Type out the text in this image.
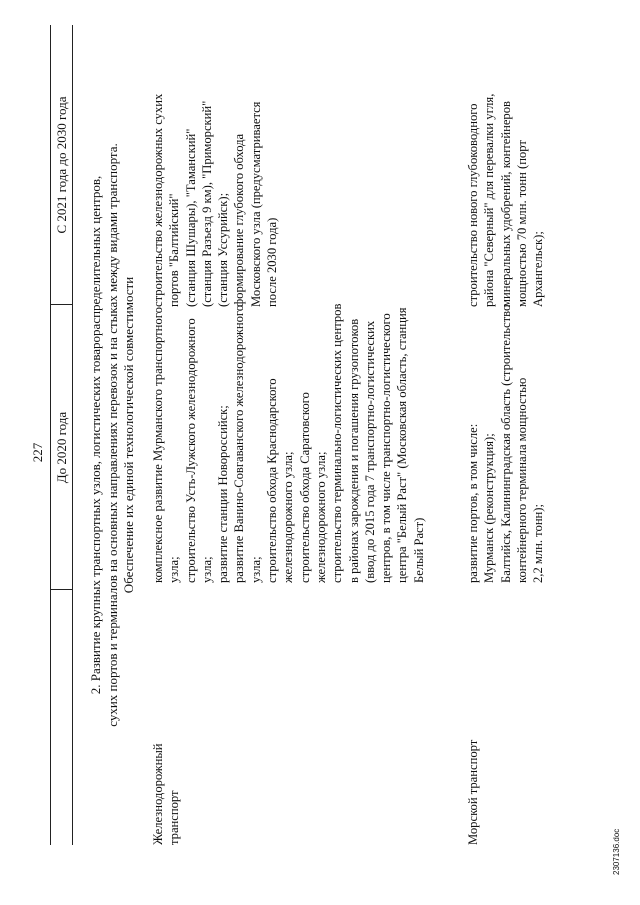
227 До 2020 года
С 2021 года до 2030 года
2. Развитие крупных транспортных узлов, логистических товарораспределительных центров, сухих портов и терминалов на основных направлениях перевозок и на стыках между видами транспорта. Обеспечение их единой технологической совместимости
Железнодорожный транспорт
комплексное развитие Мурманского транспортного узла; строительство Усть-Лужского железнодорожного узла; развитие станции Новороссийск; развитие Ванино-Совгаванского железнодорожного узла; строительство обхода Краснодарского железнодорожного узла; строительство обхода Саратовского железнодорожного узла; строительство терминально-логистических центров в районах зарождения и погашения грузопотоков (ввод до 2015 года 7 транспортно-логистических центров, в том числе транспортно-логистического центра "Белый Раст" (Московская область, станция Белый Раст)
строительство железнодорожных сухих портов "Балтийский" (станция Шушары), "Таманский" (станция Разъезд 9 км), "Приморский" (станция Уссурийск); формирование глубокого обхода Московского узла (предусматривается после 2030 года)
Морской транспорт
развитие портов, в том числе: Мурманск (реконструкция); Балтийск, Калининградская область (строительство контейнерного терминала мощностью 2,2 млн. тонн);
строительство нового глубоководного района "Северный" для перевалки угля, минеральных удобрений, контейнеров мощностью 70 млн. тонн (порт Архангельск);
2307136.doc
